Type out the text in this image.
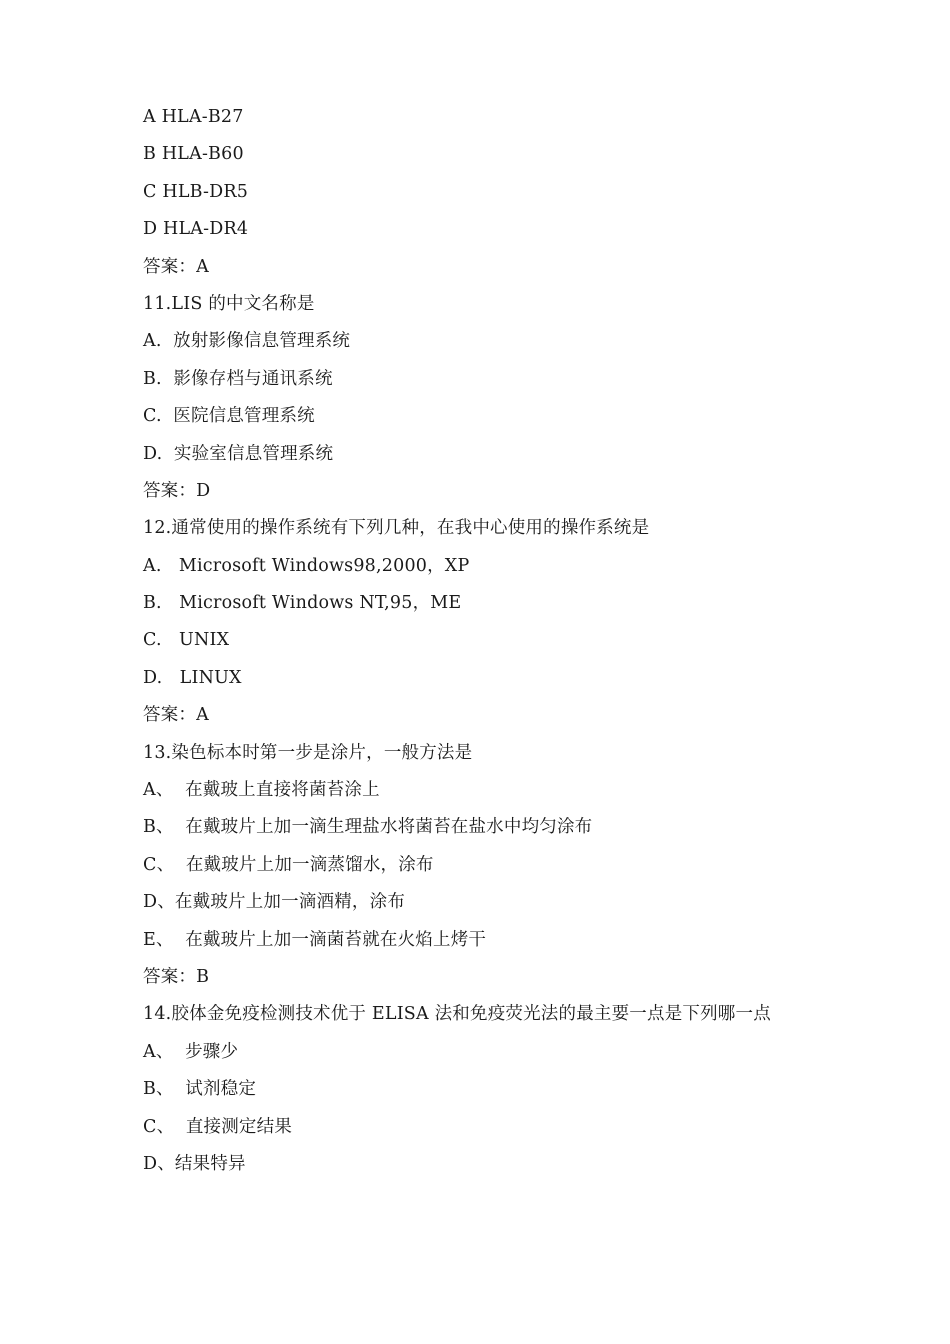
A HLA-B27
B HLA-B60
C HLB-DR5
D HLA-DR4
答案：A
11.LIS 的中文名称是
A.  放射影像信息管理系统
B.  影像存档与通讯系统
C.  医院信息管理系统
D.  实验室信息管理系统
答案：D
12.通常使用的操作系统有下列几种，在我中心使用的操作系统是
A.   Microsoft Windows98,2000，XP
B.   Microsoft Windows NT,95，ME
C.   UNIX
D.   LINUX
答案：A
13.染色标本时第一步是涂片，一般方法是
A、  在戴玻上直接将菌苔涂上
B、  在戴玻片上加一滴生理盐水将菌苔在盐水中均匀涂布
C、  在戴玻片上加一滴蒸馏水，涂布
D、在戴玻片上加一滴酒精，涂布
E、  在戴玻片上加一滴菌苔就在火焰上烤干
答案：B
14.胶体金免疫检测技术优于 ELISA 法和免疫荧光法的最主要一点是下列哪一点
A、  步骤少
B、  试剂稳定
C、  直接测定结果
D、结果特异
